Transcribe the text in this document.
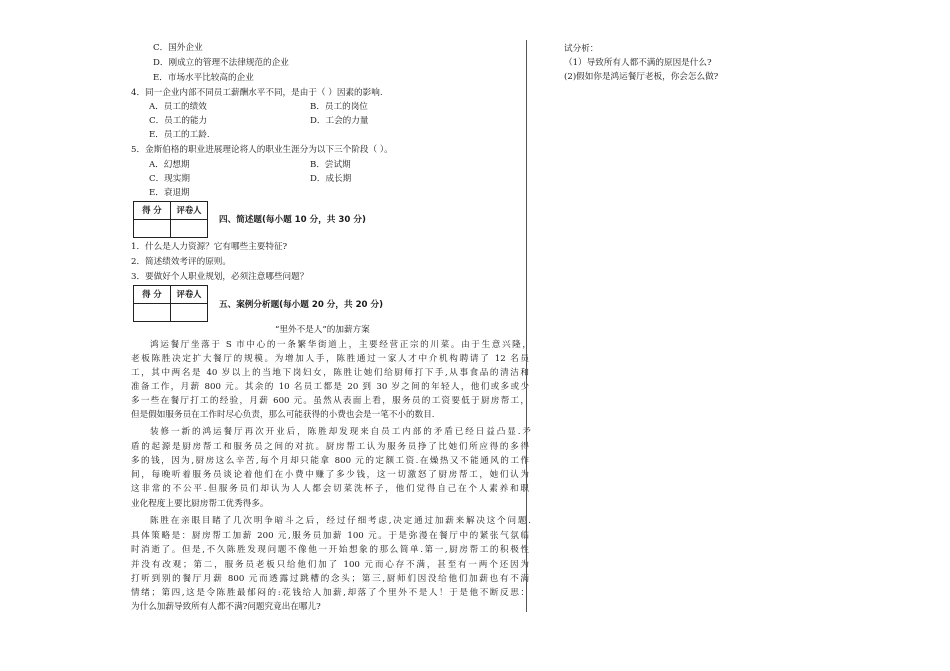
C．国外企业
D．刚成立的管理不法律规范的企业
E．市场水平比较高的企业
4．同一企业内部不同员工薪酬水平不同，是由于（ ）因素的影响.
A．员工的绩效	B．员工的岗位
C．员工的能力	D．工会的力量
E．员工的工龄.
5．金斯伯格的职业进展理论将人的职业生涯分为以下三个阶段（ ）。
A．幻想期	B．尝试期
C．现实期	D．成长期
E．衰退期
得 分	评卷人

四、简述题(每小题 10 分，共 30 分)
1．什么是人力资源？它有哪些主要特征?
2．简述绩效考评的原则。
3．要做好个人职业规划，必须注意哪些问题？
得 分	评卷人

五、案例分析题(每小题 20 分，共 20 分)
“里外不是人”的加薪方案
鸿运餐厅坐落于 S 市中心的一条繁华街道上，主要经营正宗的川菜。由于生意兴隆，
老板陈胜决定扩大餐厅的规模。为增加人手，陈胜通过一家人才中介机构聘请了 12 名员
工，其中两名是 40 岁以上的当地下岗妇女，陈胜让她们给厨师打下手,从事食品的清洁和
准备工作，月薪 800 元。其余的 10 名员工都是 20 到 30 岁之间的年轻人，他们或多或少
多一些在餐厅打工的经验，月薪 600 元。虽然从表面上看，服务员的工资要低于厨房帮工，
但是假如服务员在工作时尽心负责，那么可能获得的小费也会是一笔不小的数目.
装修一新的鸿运餐厅再次开业后，陈胜却发现来自员工内部的矛盾已经日益凸显.矛
盾的起源是厨房帮工和服务员之间的对抗。厨房帮工认为服务员挣了比她们所应得的多得
多的钱，因为,厨房这么辛苦,每个月却只能拿 800 元的定额工资.在燥热又不能通风的工作
间，每晚听着服务员谈论着他们在小费中赚了多少钱，这一切激怒了厨房帮工，她们认为
这非常的不公平.但服务员们却认为人人都会切菜洗杯子，他们觉得自己在个人素养和职
业化程度上要比厨房帮工优秀得多。
陈胜在亲眼目睹了几次明争暗斗之后，经过仔细考虑,决定通过加薪来解决这个问题.
具体策略是：厨房帮工加薪 200 元,服务员加薪 100 元。于是弥漫在餐厅中的紧张气氛临
时消逝了。但是,不久陈胜发现问题不像他一开始想象的那么简单.第一,厨房帮工的积极性
并没有改观；第二，服务员老板只给他们加了 100 元而心存不满，甚至有一两个还因为
打听到别的餐厅月薪 800 元而透露过跳槽的念头；第三,厨师们因没给他们加薪也有不满
情绪；第四,这是令陈胜最郁闷的:花钱给人加薪,却落了个里外不是人！于是他不断反思：
为什么加薪导致所有人都不满?问题究竟出在哪儿?
试分析：
（1）导致所有人都不满的原因是什么?
(2)假如你是鸿运餐厅老板，你会怎么做?
